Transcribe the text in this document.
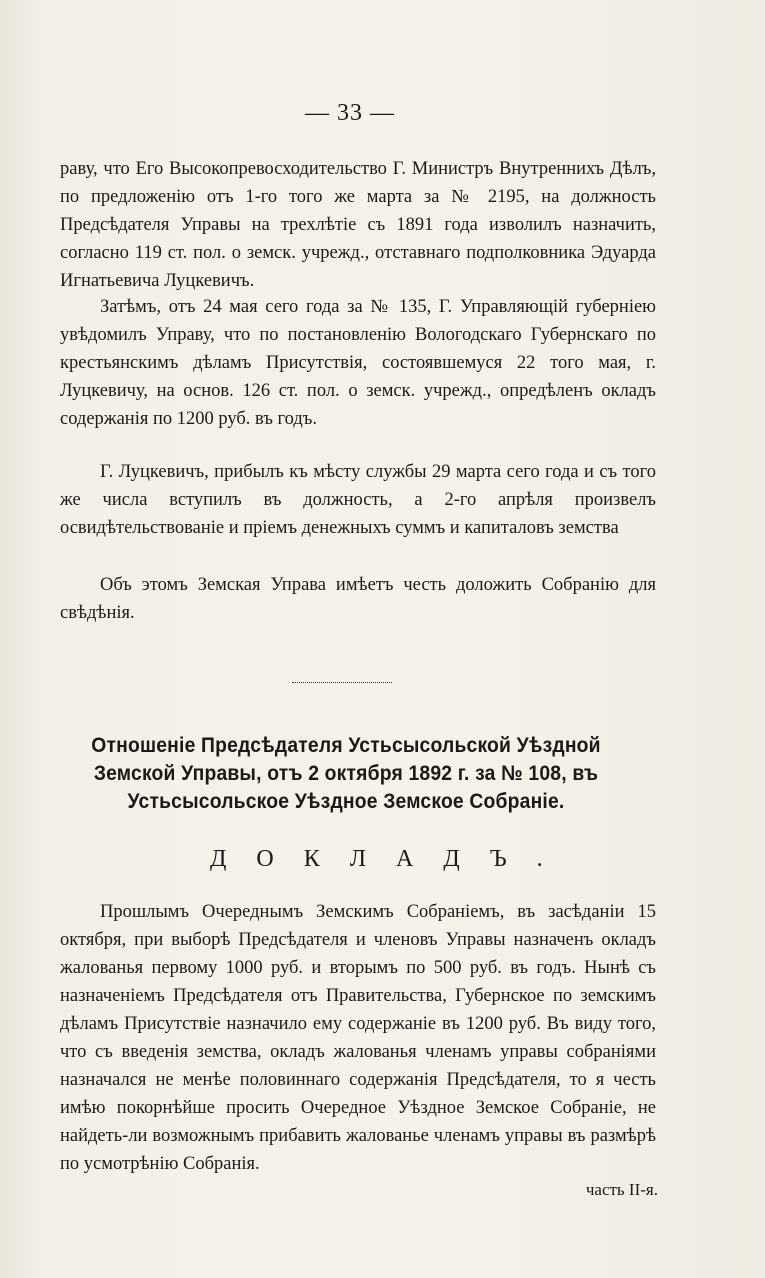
— 33 —

раву, что Его Высокопревосходительство Г. Министръ Внутреннихъ Дѣлъ, по предложенію отъ 1-го того же марта за № 2195, на должность Предсѣдателя Управы на трехлѣтіе съ 1891 года изволилъ назначить, согласно 119 ст. пол. о земск. учрежд., отставнаго подполковника Эдуарда Игнатьевича Луцкевичъ.

Затѣмъ, отъ 24 мая сего года за № 135, Г. Управляющій губерніею увѣдомилъ Управу, что по постановленію Вологодскаго Губернскаго по крестьянскимъ дѣламъ Присутствія, состоявшемуся 22 того мая, г. Луцкевичу, на основ. 126 ст. пол. о земск. учрежд., опредѣленъ окладъ содержанія по 1200 руб. въ годъ.

Г. Луцкевичъ, прибылъ къ мѣсту службы 29 марта сего года и съ того же числа вступилъ въ должность, а 2-го апрѣля произвелъ освидѣтельствованіе и пріемъ денежныхъ суммъ и капиталовъ земства

Объ этомъ Земская Управа имѣетъ честь доложить Собранію для свѣдѣнія.

Отношеніе Предсѣдателя Устьсысольской Уѣздной Земской Управы, отъ 2 октября 1892 г. за № 108, въ Устьсысольское Уѣздное Земское Собраніе.
ДОКЛАДЪ.

Прошлымъ Очереднымъ Земскимъ Собраніемъ, въ засѣданіи 15 октября, при выборѣ Предсѣдателя и членовъ Управы назначенъ окладъ жалованья первому 1000 руб. и вторымъ по 500 руб. въ годъ. Нынѣ съ назначеніемъ Предсѣдателя отъ Правительства, Губернское по земскимъ дѣламъ Присутствіе назначило ему содержаніе въ 1200 руб. Въ виду того, что съ введенія земства, окладъ жалованья членамъ управы собраніями назначался не менѣе половиннаго содержанія Предсѣдателя, то я честь имѣю покорнѣйше просить Очередное Уѣздное Земское Собраніе, не найдеть-ли возможнымъ прибавить жалованье членамъ управы въ размѣрѣ по усмотрѣнію Собранія.

часть II-я.
